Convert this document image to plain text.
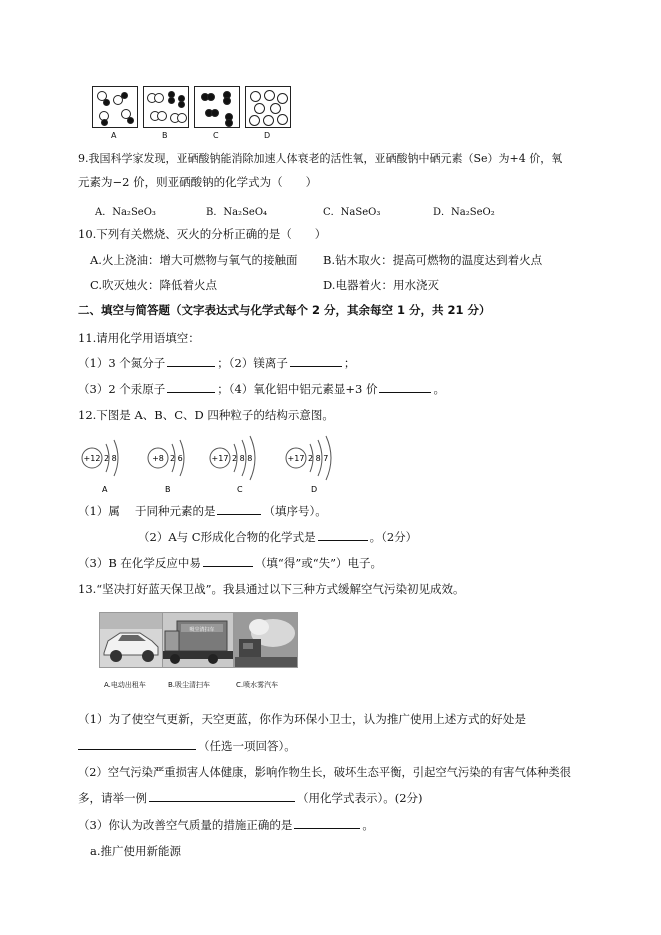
A	B	C	D
9.我国科学家发现，亚硒酸钠能消除加速人体衰老的活性氧，亚硒酸钠中硒元素（Se）为+4 价，氧
元素为−2 价，则亚硒酸钠的化学式为（　　）
A．Na₂SeO₃	B．Na₂SeO₄	C．NaSeO₃	D．Na₂SeO₂
10.下列有关燃烧、灭火的分析正确的是（　　）
A.火上浇油：增大可燃物与氧气的接触面 B.钻木取火：提高可燃物的温度达到着火点
C.吹灭烛火：降低着火点	D.电器着火：用水浇灭
二、填空与简答题（文字表达式与化学式每个 2 分，其余每空 1 分，共 21 分）
11.请用化学用语填空：
（1）3 个氮分子	；（2）镁离子	；
（3）2 个汞原子	；（4）氧化铝中铝元素显+3 价	。
12.下图是 A、B、C、D 四种粒子的结构示意图。
+12 2 8
A
+8 2 6
B
+17 2 8 8
C
+17 2 8 7
D
（1）属　 于同种元素的是	（填序号）。
（2）A与 C形成化合物的化学式是	。（2分）
（3）B 在化学反应中易	（填“得”或“失”）电子。
13.“坚决打好蓝天保卫战”。我县通过以下三种方式缓解空气污染初见成效。
吸尘清扫车
A.电动出租车	B.吸尘清扫车	C.喷水雾汽车
（1）为了使空气更新，天空更蓝，你作为环保小卫士，认为推广使用上述方式的好处是
（任选一项回答）。
（2）空气污染严重损害人体健康，影响作物生长，破坏生态平衡，引起空气污染的有害气体种类很
多，请举一例	（用化学式表示）。(2分)
（3）你认为改善空气质量的措施正确的是	。
a.推广使用新能源
